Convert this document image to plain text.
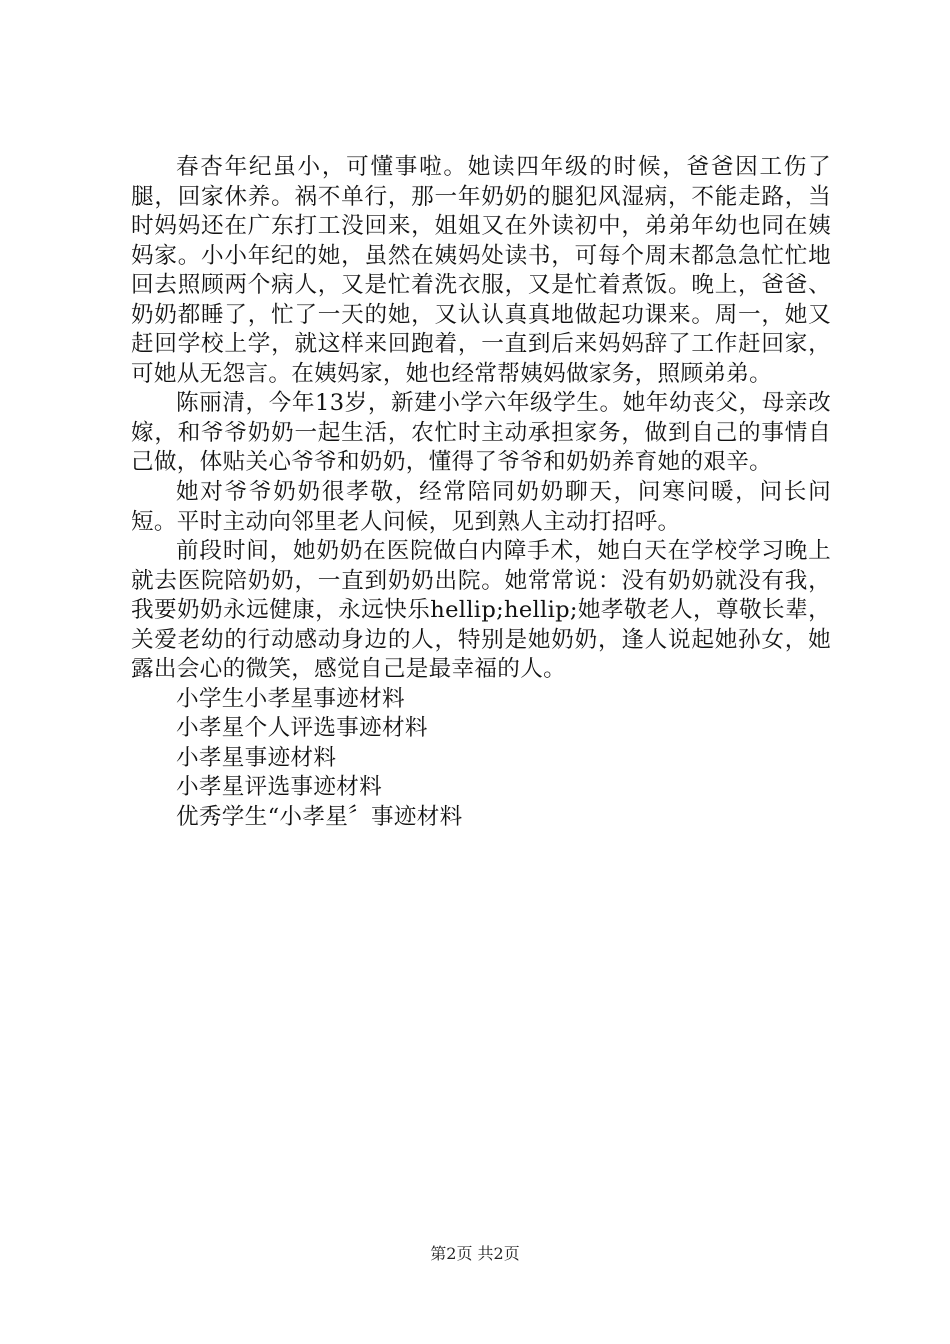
春杏年纪虽小，可懂事啦。她读四年级的时候，爸爸因工伤了腿，回家休养。祸不单行，那一年奶奶的腿犯风湿病，不能走路，当时妈妈还在广东打工没回来，姐姐又在外读初中，弟弟年幼也同在姨妈家。小小年纪的她，虽然在姨妈处读书，可每个周末都急急忙忙地回去照顾两个病人，又是忙着洗衣服，又是忙着煮饭。晚上，爸爸、奶奶都睡了，忙了一天的她，又认认真真地做起功课来。周一，她又赶回学校上学，就这样来回跑着，一直到后来妈妈辞了工作赶回家，可她从无怨言。在姨妈家，她也经常帮姨妈做家务，照顾弟弟。

陈丽清，今年13岁，新建小学六年级学生。她年幼丧父，母亲改嫁，和爷爷奶奶一起生活，农忙时主动承担家务，做到自己的事情自己做，体贴关心爷爷和奶奶，懂得了爷爷和奶奶养育她的艰辛。

她对爷爷奶奶很孝敬，经常陪同奶奶聊天，问寒问暖，问长问短。平时主动向邻里老人问候，见到熟人主动打招呼。

前段时间，她奶奶在医院做白内障手术，她白天在学校学习晚上就去医院陪奶奶，一直到奶奶出院。她常常说：没有奶奶就没有我，我要奶奶永远健康，永远快乐hellip;hellip;她孝敬老人，尊敬长辈，关爱老幼的行动感动身边的人，特别是她奶奶，逢人说起她孙女，她露出会心的微笑，感觉自己是最幸福的人。

小学生小孝星事迹材料

小孝星个人评选事迹材料

小孝星事迹材料

小孝星评选事迹材料

优秀学生“小孝星〞事迹材料

第2页 共2页
